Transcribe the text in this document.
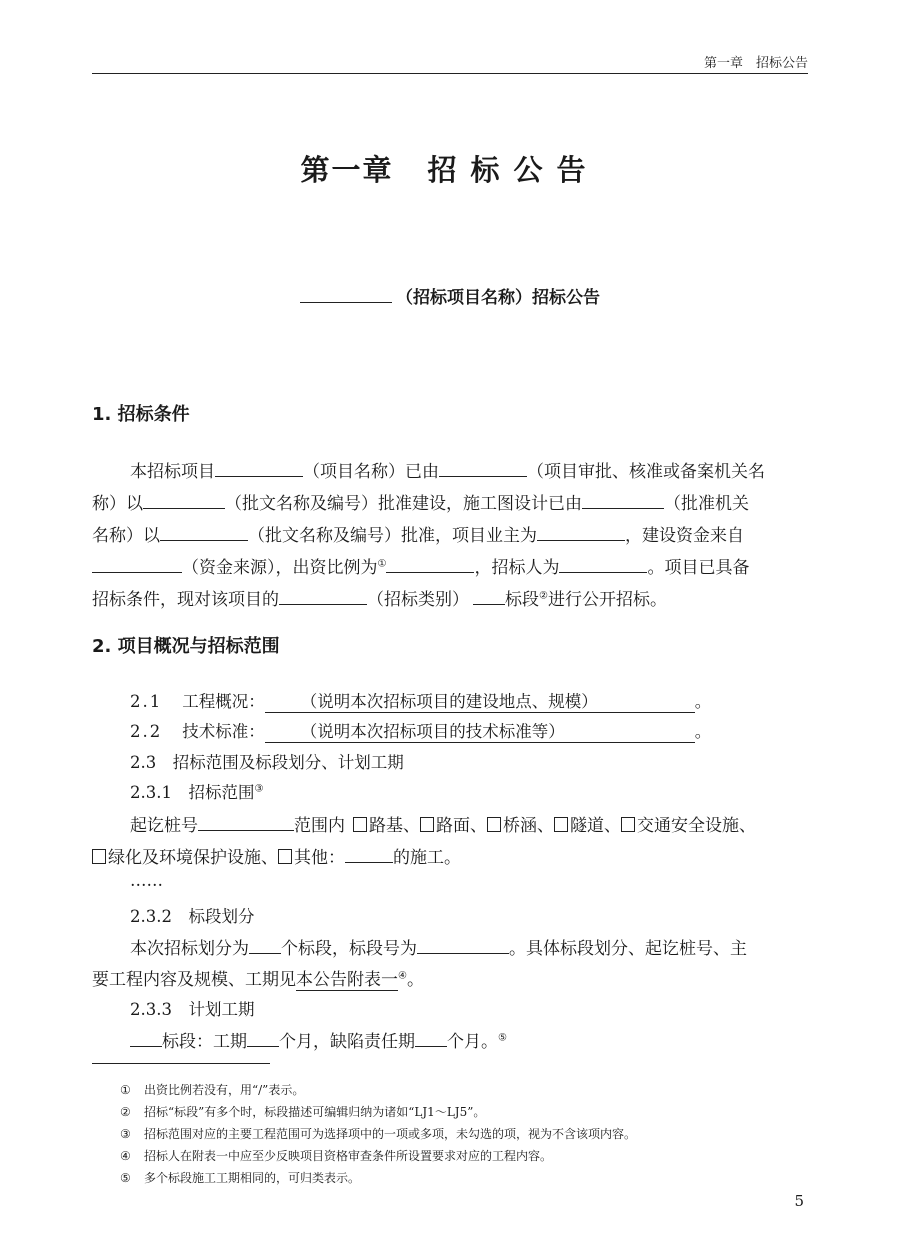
第一章　招标公告
第一章 招标公告
（招标项目名称）招标公告
1. 招标条件
本招标项目	（项目名称）已由	（项目审批、核准或备案机关名
称）以	（批文名称及编号）批准建设，施工图设计已由	（批准机关
名称）以	（批文名称及编号）批准，项目业主为	，建设资金来自
（资金来源），出资比例为①	，招标人为	。项目已具备
招标条件，现对该项目的	（招标类别） 标段②进行公开招标。
2. 项目概况与招标范围
2.1 工程概况： （说明本次招标项目的建设地点、规模）	。
2.2 技术标准： （说明本次招标项目的技术标准等）	。
2.3　招标范围及标段划分、计划工期
2.3.1　招标范围③
起讫桩号	范围内 路基、 路面、 桥涵、 隧道、 交通安全设施、
绿化及环境保护设施、 其他：	的施工。
……
2.3.2　标段划分
本次招标划分为 个标段，标段号为	。具体标段划分、起讫桩号、主
要工程内容及规模、工期见本公告附表一④。
2.3.3　计划工期
标段：工期 个月，缺陷责任期 个月。⑤
① 出资比例若没有，用“/”表示。
② 招标“标段”有多个时，标段描述可编辑归纳为诸如“LJ1～LJ5”。
③ 招标范围对应的主要工程范围可为选择项中的一项或多项，未勾选的项，视为不含该项内容。
④ 招标人在附表一中应至少反映项目资格审查条件所设置要求对应的工程内容。
⑤ 多个标段施工工期相同的，可归类表示。
5
